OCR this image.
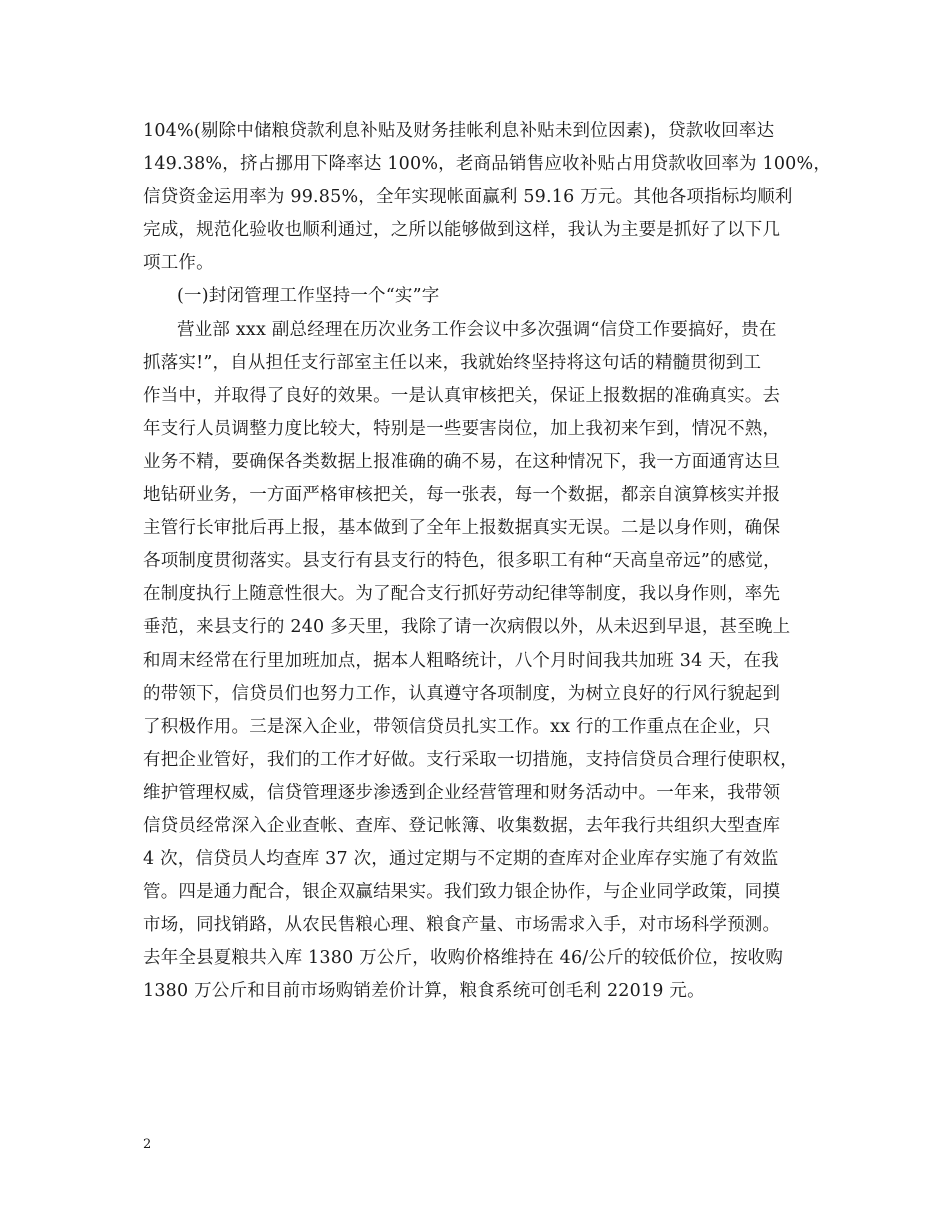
104%(剔除中储粮贷款利息补贴及财务挂帐利息补贴未到位因素)，贷款收回率达
149.38%，挤占挪用下降率达 100%，老商品销售应收补贴占用贷款收回率为 100%，
信贷资金运用率为 99.85%，全年实现帐面赢利 59.16 万元。其他各项指标均顺利
完成，规范化验收也顺利通过，之所以能够做到这样，我认为主要是抓好了以下几
项工作。
(一)封闭管理工作坚持一个“实”字
营业部 xxx 副总经理在历次业务工作会议中多次强调“信贷工作要搞好，贵在
抓落实!”，自从担任支行部室主任以来，我就始终坚持将这句话的精髓贯彻到工
作当中，并取得了良好的效果。一是认真审核把关，保证上报数据的准确真实。去
年支行人员调整力度比较大，特别是一些要害岗位，加上我初来乍到，情况不熟，
业务不精，要确保各类数据上报准确的确不易，在这种情况下，我一方面通宵达旦
地钻研业务，一方面严格审核把关，每一张表，每一个数据，都亲自演算核实并报
主管行长审批后再上报，基本做到了全年上报数据真实无误。二是以身作则，确保
各项制度贯彻落实。县支行有县支行的特色，很多职工有种“天高皇帝远”的感觉，
在制度执行上随意性很大。为了配合支行抓好劳动纪律等制度，我以身作则，率先
垂范，来县支行的 240 多天里，我除了请一次病假以外，从未迟到早退，甚至晚上
和周末经常在行里加班加点，据本人粗略统计，八个月时间我共加班 34 天，在我
的带领下，信贷员们也努力工作，认真遵守各项制度，为树立良好的行风行貌起到
了积极作用。三是深入企业，带领信贷员扎实工作。xx 行的工作重点在企业，只
有把企业管好，我们的工作才好做。支行采取一切措施，支持信贷员合理行使职权，
维护管理权威，信贷管理逐步渗透到企业经营管理和财务活动中。一年来，我带领
信贷员经常深入企业查帐、查库、登记帐簿、收集数据，去年我行共组织大型查库
4 次，信贷员人均查库 37 次，通过定期与不定期的查库对企业库存实施了有效监
管。四是通力配合，银企双赢结果实。我们致力银企协作，与企业同学政策，同摸
市场，同找销路，从农民售粮心理、粮食产量、市场需求入手，对市场科学预测。
去年全县夏粮共入库 1380 万公斤，收购价格维持在 46/公斤的较低价位，按收购
1380 万公斤和目前市场购销差价计算，粮食系统可创毛利 22019 元。
2
